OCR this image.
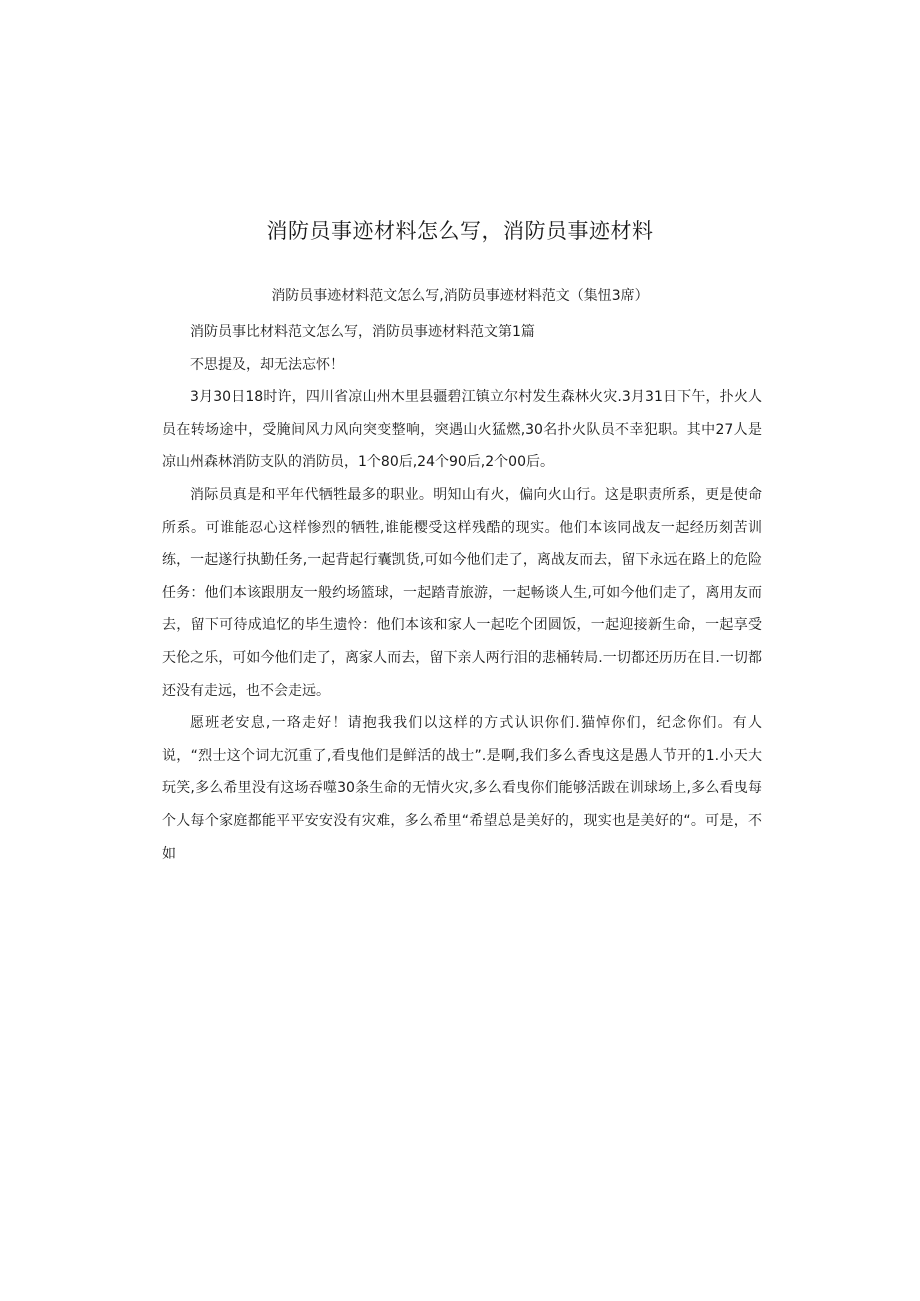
消防员事迹材料怎么写，消防员事迹材料
消防员事迹材料范文怎么写,消防员事迹材料范文（集忸3席）

消防员事比材料范文怎么写，消防员事迹材料范文第1篇

不思提及，却无法忘怀！

3月30日18时许，四川省凉山州木里县疆碧江镇立尔村发生森林火灾.3月31日下午，扑火人员在转场途中，受腌间风力风向突变整响，突遇山火猛燃,30名扑火队员不幸犯职。其中27人是凉山州森林消防支队的消防员，1个80后,24个90后,2个00后。

消际员真是和平年代牺牲最多的职业。明知山有火，偏向火山行。这是职责所系，更是使命所系。可谁能忍心这样惨烈的牺牲,谁能樱受这样残酷的现实。他们本该同战友一起经历刻苦训练，一起遂行执勤任务,一起背起行囊凯货,可如今他们走了，离战友而去，留下永远在路上的危险任务：他们本该跟朋友一般约场篮球，一起踏青旅游，一起畅谈人生,可如今他们走了，离用友而去，留下可待成追忆的毕生遗怜：他们本该和家人一起吃个团圆饭，一起迎接新生命，一起享受天伦之乐，可如今他们走了，离家人而去，留下亲人两行泪的悲桶转局.一切都还历历在目.一切都还没有走远，也不会走远。

愿班老安息,一珞走好！请抱我我们以这样的方式认识你们.猫悼你们，纪念你们。有人说，“烈士这个词尢沉重了,看曳他们是鲜活的战士”.是啊,我们多么香曳这是愚人节开的1.小天大玩笑,多么希里没有这场吞噬30条生命的无情火灾,多么看曳你们能够活跋在训球场上,多么看曳每个人每个家庭都能平平安安没有灾难，多么希里“希望总是美好的，现实也是美好的“。可是，不如
